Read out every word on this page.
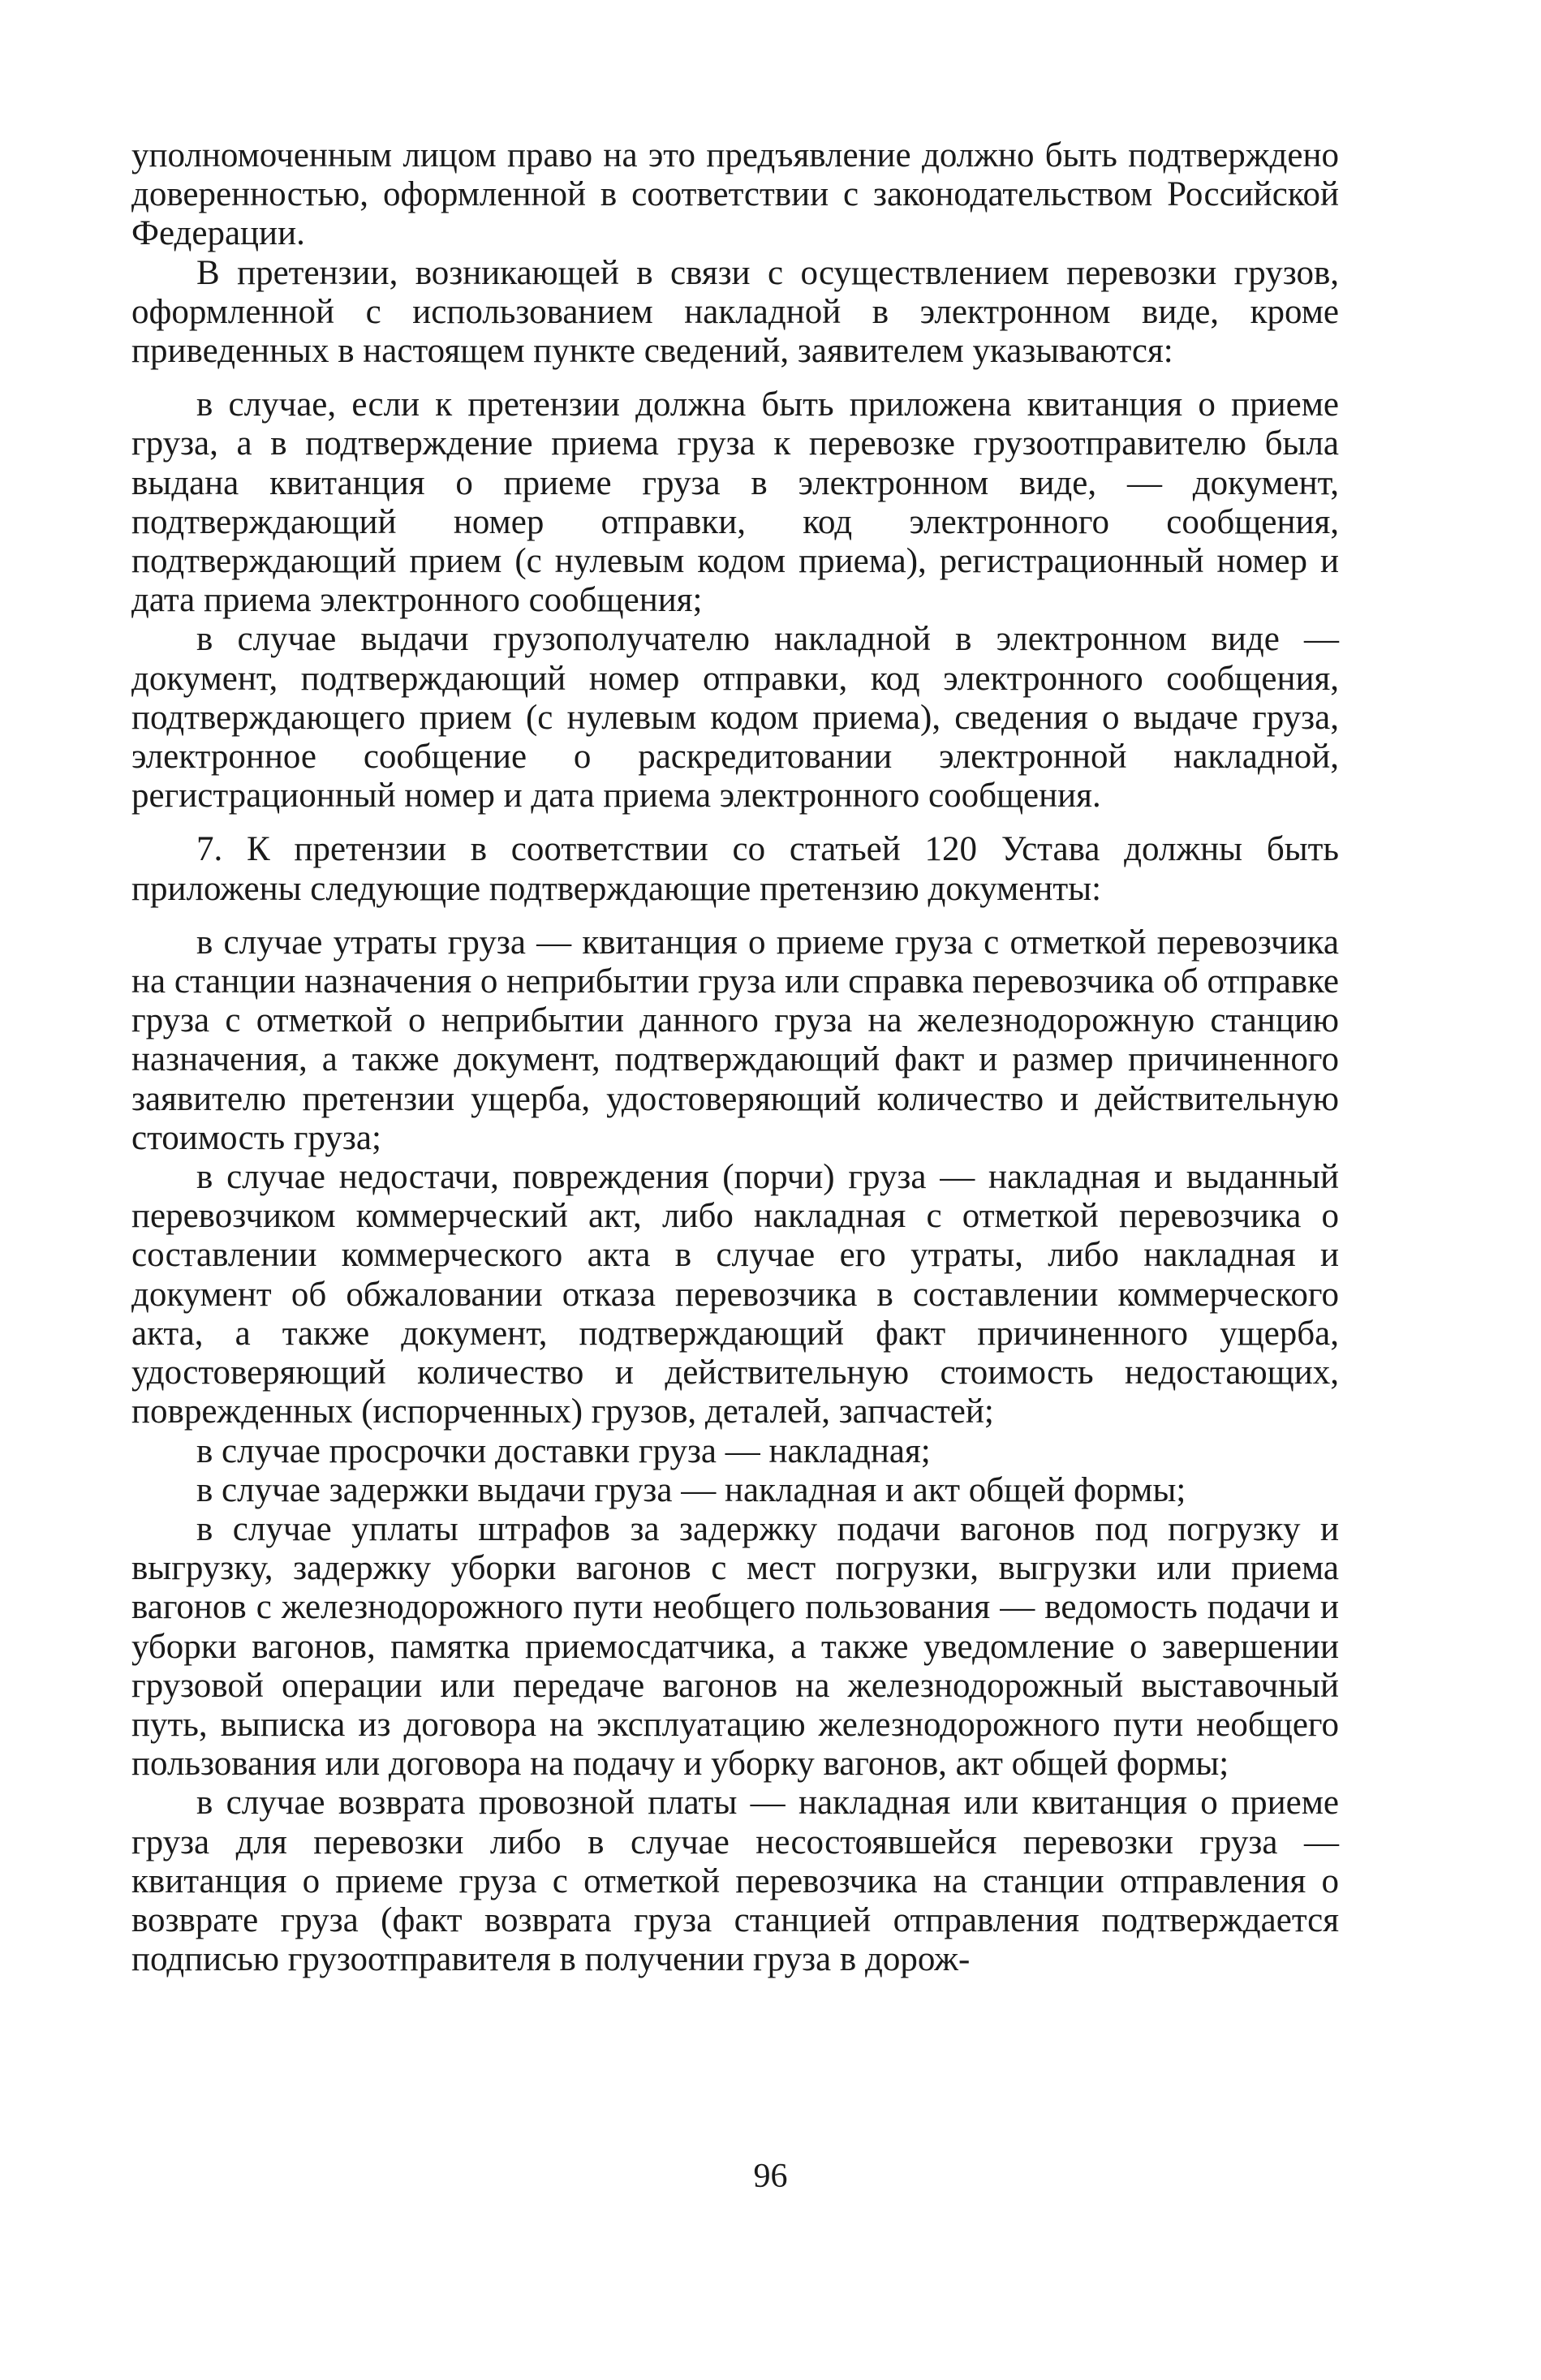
уполномоченным лицом право на это предъявление должно быть подтверждено доверенностью, оформленной в соответствии с законодательством Российской Федерации.

В претензии, возникающей в связи с осуществлением перевозки грузов, оформленной с использованием накладной в электронном виде, кроме приведенных в настоящем пункте сведений, заявителем указываются:

в случае, если к претензии должна быть приложена квитанция о приеме груза, а в подтверждение приема груза к перевозке грузоотправителю была выдана квитанция о приеме груза в электронном виде, — документ, подтверждающий номер отправки, код электронного сообщения, подтверждающий прием (с нулевым кодом приема), регистрационный номер и дата приема электронного сообщения;

в случае выдачи грузополучателю накладной в электронном виде — документ, подтверждающий номер отправки, код электронного сообщения, подтверждающего прием (с нулевым кодом приема), сведения о выдаче груза, электронное сообщение о раскредитовании электронной накладной, регистрационный номер и дата приема электронного сообщения.

7. К претензии в соответствии со статьей 120 Устава должны быть приложены следующие подтверждающие претензию документы:

в случае утраты груза — квитанция о приеме груза с отметкой перевозчика на станции назначения о неприбытии груза или справка перевозчика об отправке груза с отметкой о неприбытии данного груза на железнодорожную станцию назначения, а также документ, подтверждающий факт и размер причиненного заявителю претензии ущерба, удостоверяющий количество и действительную стоимость груза;

в случае недостачи, повреждения (порчи) груза — накладная и выданный перевозчиком коммерческий акт, либо накладная с отметкой перевозчика о составлении коммерческого акта в случае его утраты, либо накладная и документ об обжаловании отказа перевозчика в составлении коммерческого акта, а также документ, подтверждающий факт причиненного ущерба, удостоверяющий количество и действительную стоимость недостающих, поврежденных (испорченных) грузов, деталей, запчастей;

в случае просрочки доставки груза — накладная;

в случае задержки выдачи груза — накладная и акт общей формы;

в случае уплаты штрафов за задержку подачи вагонов под погрузку и выгрузку, задержку уборки вагонов с мест погрузки, выгрузки или приема вагонов с железнодорожного пути необщего пользования — ведомость подачи и уборки вагонов, памятка приемосдатчика, а также уведомление о завершении грузовой операции или передаче вагонов на железнодорожный выставочный путь, выписка из договора на эксплуатацию железнодорожного пути необщего пользования или договора на подачу и уборку вагонов, акт общей формы;

в случае возврата провозной платы — накладная или квитанция о приеме груза для перевозки либо в случае несостоявшейся перевозки груза — квитанция о приеме груза с отметкой перевозчика на станции отправления о возврате груза (факт возврата груза станцией отправления подтверждается подписью грузоотправителя в получении груза в дорож-

96
